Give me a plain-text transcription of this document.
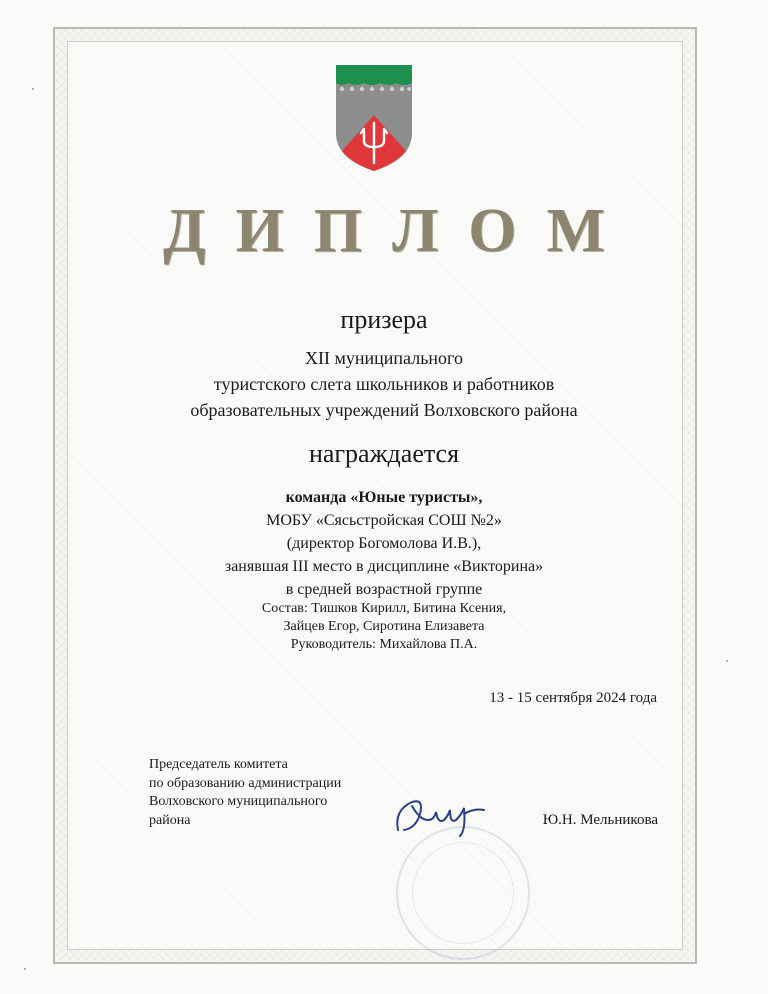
ДИПЛОМ
призера
XII муниципального
туристского слета школьников и работников
образовательных учреждений Волховского района
награждается
команда «Юные туристы»,
МОБУ «Сясьстройская СОШ №2»
(директор Богомолова И.В.),
занявшая III место в дисциплине «Викторина»
в средней возрастной группе
Состав: Тишков Кирилл, Битина Ксения,
Зайцев Егор, Сиротина Елизавета
Руководитель: Михайлова П.А.
13 - 15 сентября 2024 года
Председатель комитета
по образованию администрации
Волховского муниципального
района	Ю.Н. Мельникова
